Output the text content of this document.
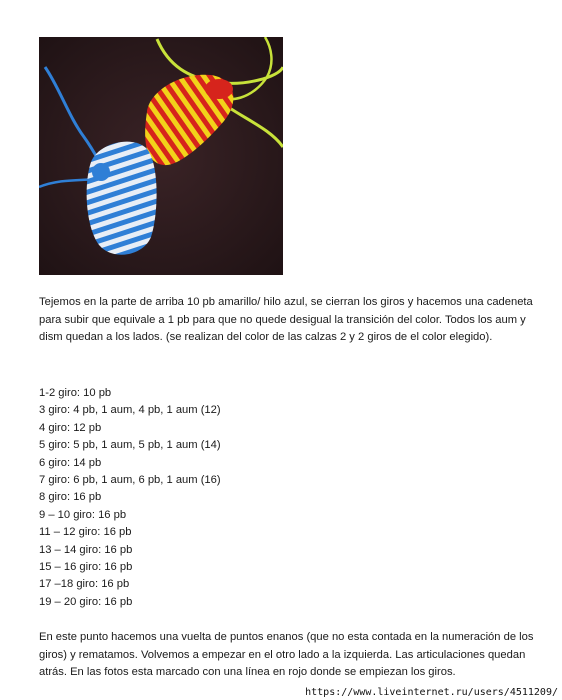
Tejemos en la parte de arriba 10 pb amarillo/ hilo azul, se cierran los giros y hacemos una cadeneta para subir que equivale a 1 pb para que no quede desigual la transición del color. Todos los aum y dism quedan a los lados. (se realizan del color de las calzas 2 y 2 giros de el color elegido).

1-2 giro: 10 pb
3 giro: 4 pb, 1 aum, 4 pb, 1 aum (12)
4 giro: 12 pb
5 giro: 5 pb, 1 aum, 5 pb, 1 aum (14)
6 giro: 14 pb
7 giro: 6 pb, 1 aum, 6 pb, 1 aum (16)
8 giro: 16 pb
9 – 10 giro: 16 pb
11 – 12 giro: 16 pb
13 – 14 giro: 16 pb
15 – 16 giro: 16 pb
17 –18 giro: 16 pb
19 – 20 giro: 16 pb

En este punto hacemos una vuelta de puntos enanos (que no esta contada en la numeración de los giros) y rematamos. Volvemos a empezar en el otro lado a la izquierda. Las articulaciones quedan atrás. En las fotos esta marcado con una línea en rojo donde se empiezan los giros.

https://www.liveinternet.ru/users/4511209/
